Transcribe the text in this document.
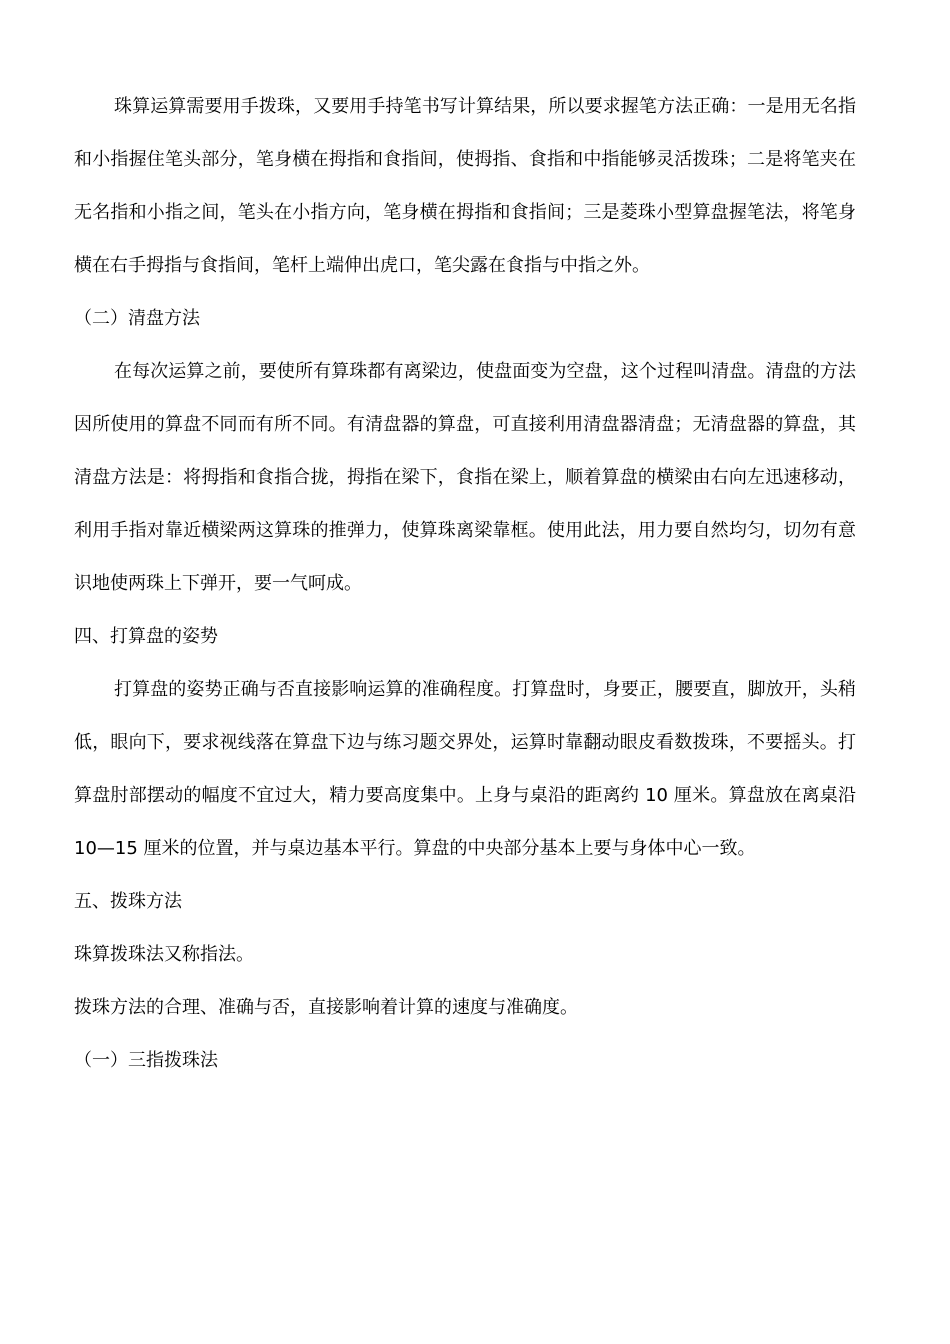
珠算运算需要用手拨珠，又要用手持笔书写计算结果，所以要求握笔方法正确：一是用无名指和小指握住笔头部分，笔身横在拇指和食指间，使拇指、食指和中指能够灵活拨珠；二是将笔夹在无名指和小指之间，笔头在小指方向，笔身横在拇指和食指间；三是菱珠小型算盘握笔法，将笔身横在右手拇指与食指间，笔杆上端伸出虎口，笔尖露在食指与中指之外。

（二）清盘方法

在每次运算之前，要使所有算珠都有离梁边，使盘面变为空盘，这个过程叫清盘。清盘的方法因所使用的算盘不同而有所不同。有清盘器的算盘，可直接利用清盘器清盘；无清盘器的算盘，其清盘方法是：将拇指和食指合拢，拇指在梁下，食指在梁上，顺着算盘的横梁由右向左迅速移动，利用手指对靠近横梁两这算珠的推弹力，使算珠离梁靠框。使用此法，用力要自然均匀，切勿有意识地使两珠上下弹开，要一气呵成。

四、打算盘的姿势

打算盘的姿势正确与否直接影响运算的准确程度。打算盘时，身要正，腰要直，脚放开，头稍低，眼向下，要求视线落在算盘下边与练习题交界处，运算时靠翻动眼皮看数拨珠，不要摇头。打算盘肘部摆动的幅度不宜过大，精力要高度集中。上身与桌沿的距离约 10 厘米。算盘放在离桌沿 10—15 厘米的位置，并与桌边基本平行。算盘的中央部分基本上要与身体中心一致。

五、拨珠方法

珠算拨珠法又称指法。

拨珠方法的合理、准确与否，直接影响着计算的速度与准确度。

（一）三指拨珠法
